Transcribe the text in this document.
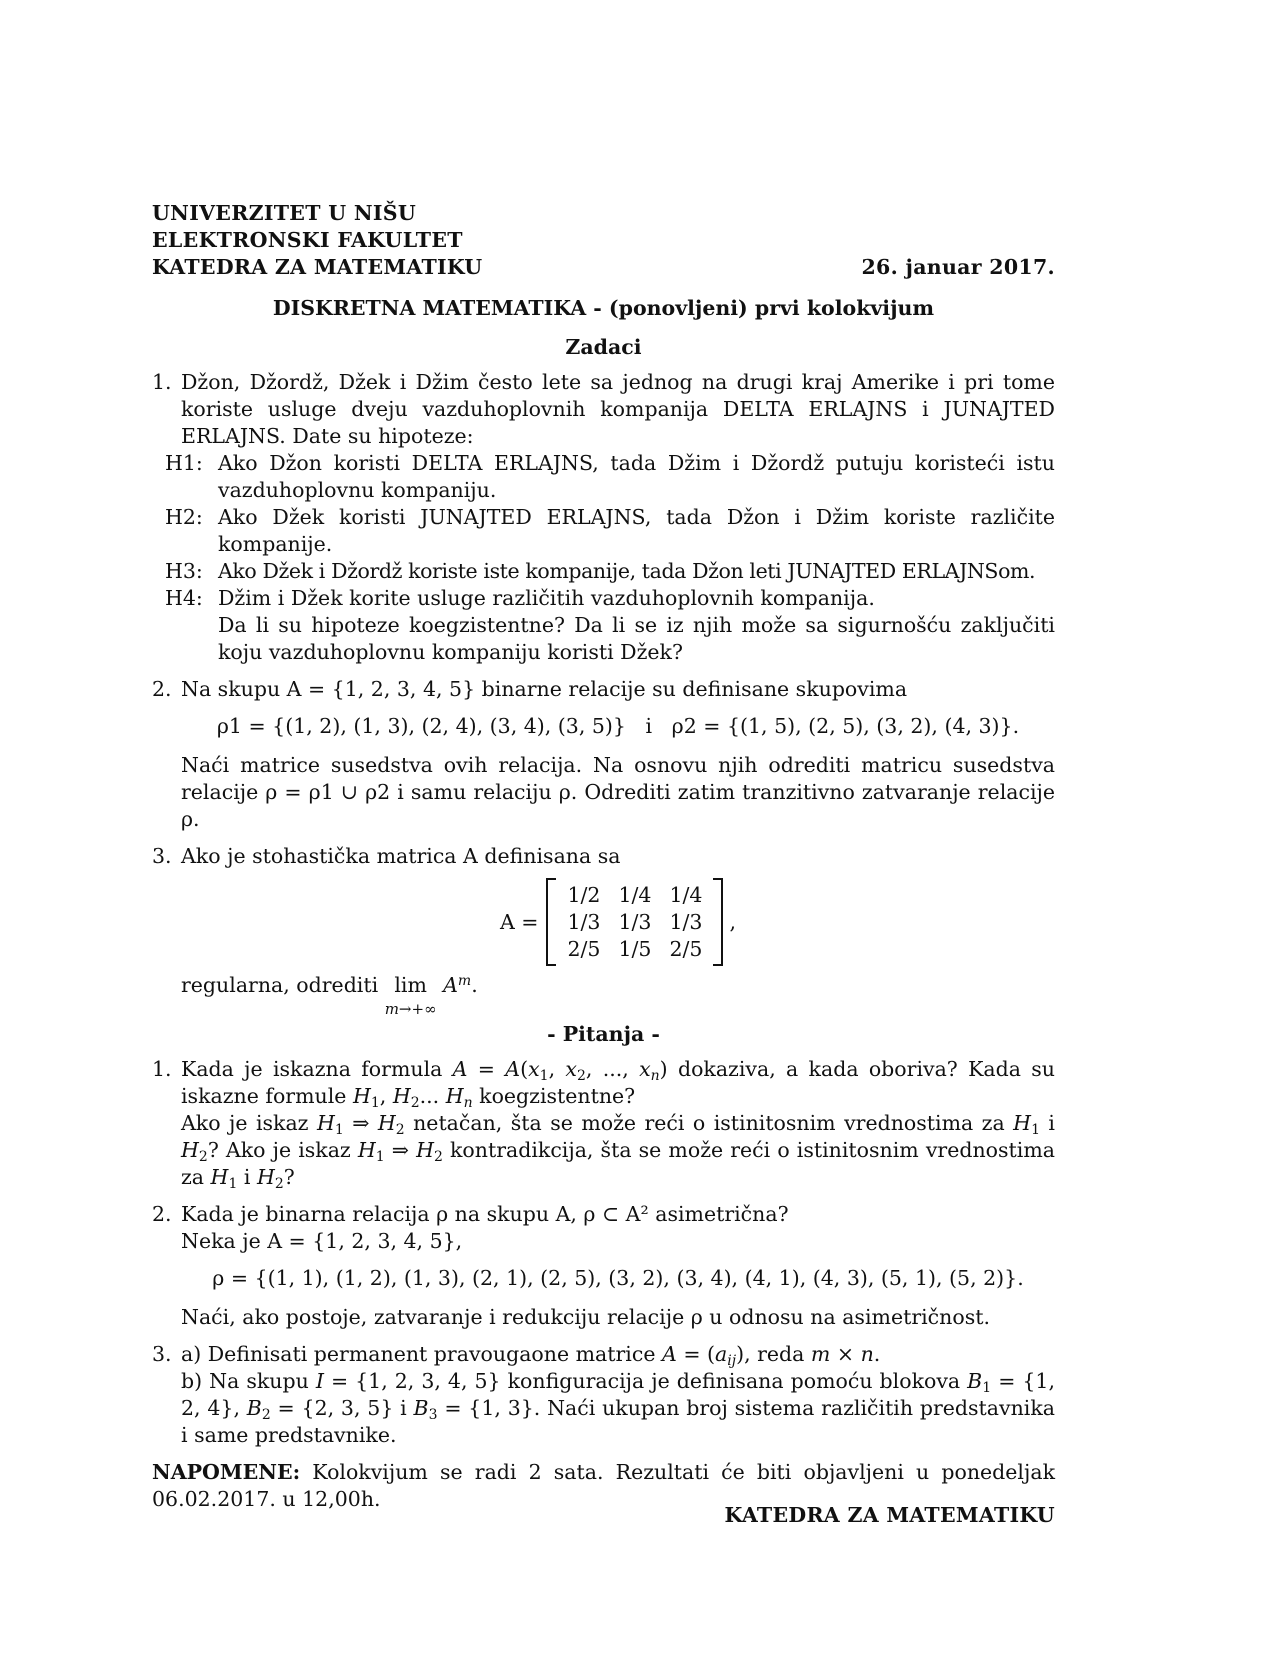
UNIVERZITET U NIŠU
ELEKTRONSKI FAKULTET
KATEDRA ZA MATEMATIKU	26. januar 2017.
DISKRETNA MATEMATIKA - (ponovljeni) prvi kolokvijum
Zadaci
1. Džon, Džordž, Džek i Džim često lete sa jednog na drugi kraj Amerike i pri tome koriste usluge dveju vazduhoplovnih kompanija DELTA ERLAJNS i JUNAJTED ERLAJNS. Date su hipoteze:
H1: Ako Džon koristi DELTA ERLAJNS, tada Džim i Džordž putuju koristeći istu vazduhoplovnu kompaniju.
H2: Ako Džek koristi JUNAJTED ERLAJNS, tada Džon i Džim koriste različite kompanije.
H3: Ako Džek i Džordž koriste iste kompanije, tada Džon leti JUNAJTED ERLAJNSom.
H4: Džim i Džek korite usluge različitih vazduhoplovnih kompanija.
Da li su hipoteze koegzistentne? Da li se iz njih može sa sigurnošću zaključiti koju vazduhoplovnu kompaniju koristi Džek?
2. Na skupu A = {1, 2, 3, 4, 5} binarne relacije su definisane skupovima
ρ1 = {(1, 2), (1, 3), (2, 4), (3, 4), (3, 5)} i ρ2 = {(1, 5), (2, 5), (3, 2), (4, 3)}.
Naći matrice susedstva ovih relacija. Na osnovu njih odrediti matricu susedstva relacije ρ = ρ1 ∪ ρ2 i samu relaciju ρ. Odrediti zatim tranzitivno zatvaranje relacije ρ.
3. Ako je stohastička matrica A definisana sa
A =
1/2	1/4	1/4
1/3	1/3	1/3
2/5	1/5	2/5
,
regularna, odrediti lim
m→+∞
$A^m$.
- Pitanja -
1. Kada je iskazna formula $A = A(x_1$, $x_2$, ..., $x_n$) dokaziva, a kada oboriva? Kada su iskazne formule $H_1$, $H_2$... $H_n$ koegzistentne?
Ako je iskaz $H_1$ ⇒ $H_2$ netačan, šta se može reći o istinitosnim vrednostima za $H_1$ i $H_2$? Ako je iskaz $H_1$ ⇒ $H_2$ kontradikcija, šta se može reći o istinitosnim vrednostima za $H_1$ i $H_2$?
2. Kada je binarna relacija ρ na skupu A, ρ ⊂ A² asimetrična?
Neka je A = {1, 2, 3, 4, 5},
ρ = {(1, 1), (1, 2), (1, 3), (2, 1), (2, 5), (3, 2), (3, 4), (4, 1), (4, 3), (5, 1), (5, 2)}.
Naći, ako postoje, zatvaranje i redukciju relacije ρ u odnosu na asimetričnost.
3. a) Definisati permanent pravougaone matrice $A = (a_{ij})$, reda m × n.
b) Na skupu I = {1, 2, 3, 4, 5} konfiguracija je definisana pomoću blokova $B_1 = \{1$, 2, 4}, $B_2 = \{2$, 3, 5} i $B_3 = \{1$, 3}. Naći ukupan broj sistema različitih predstavnika i same predstavnike.
NAPOMENE: Kolokvijum se radi 2 sata. Rezultati će biti objavljeni u ponedeljak 06.02.2017. u 12,00h.
KATEDRA ZA MATEMATIKU
